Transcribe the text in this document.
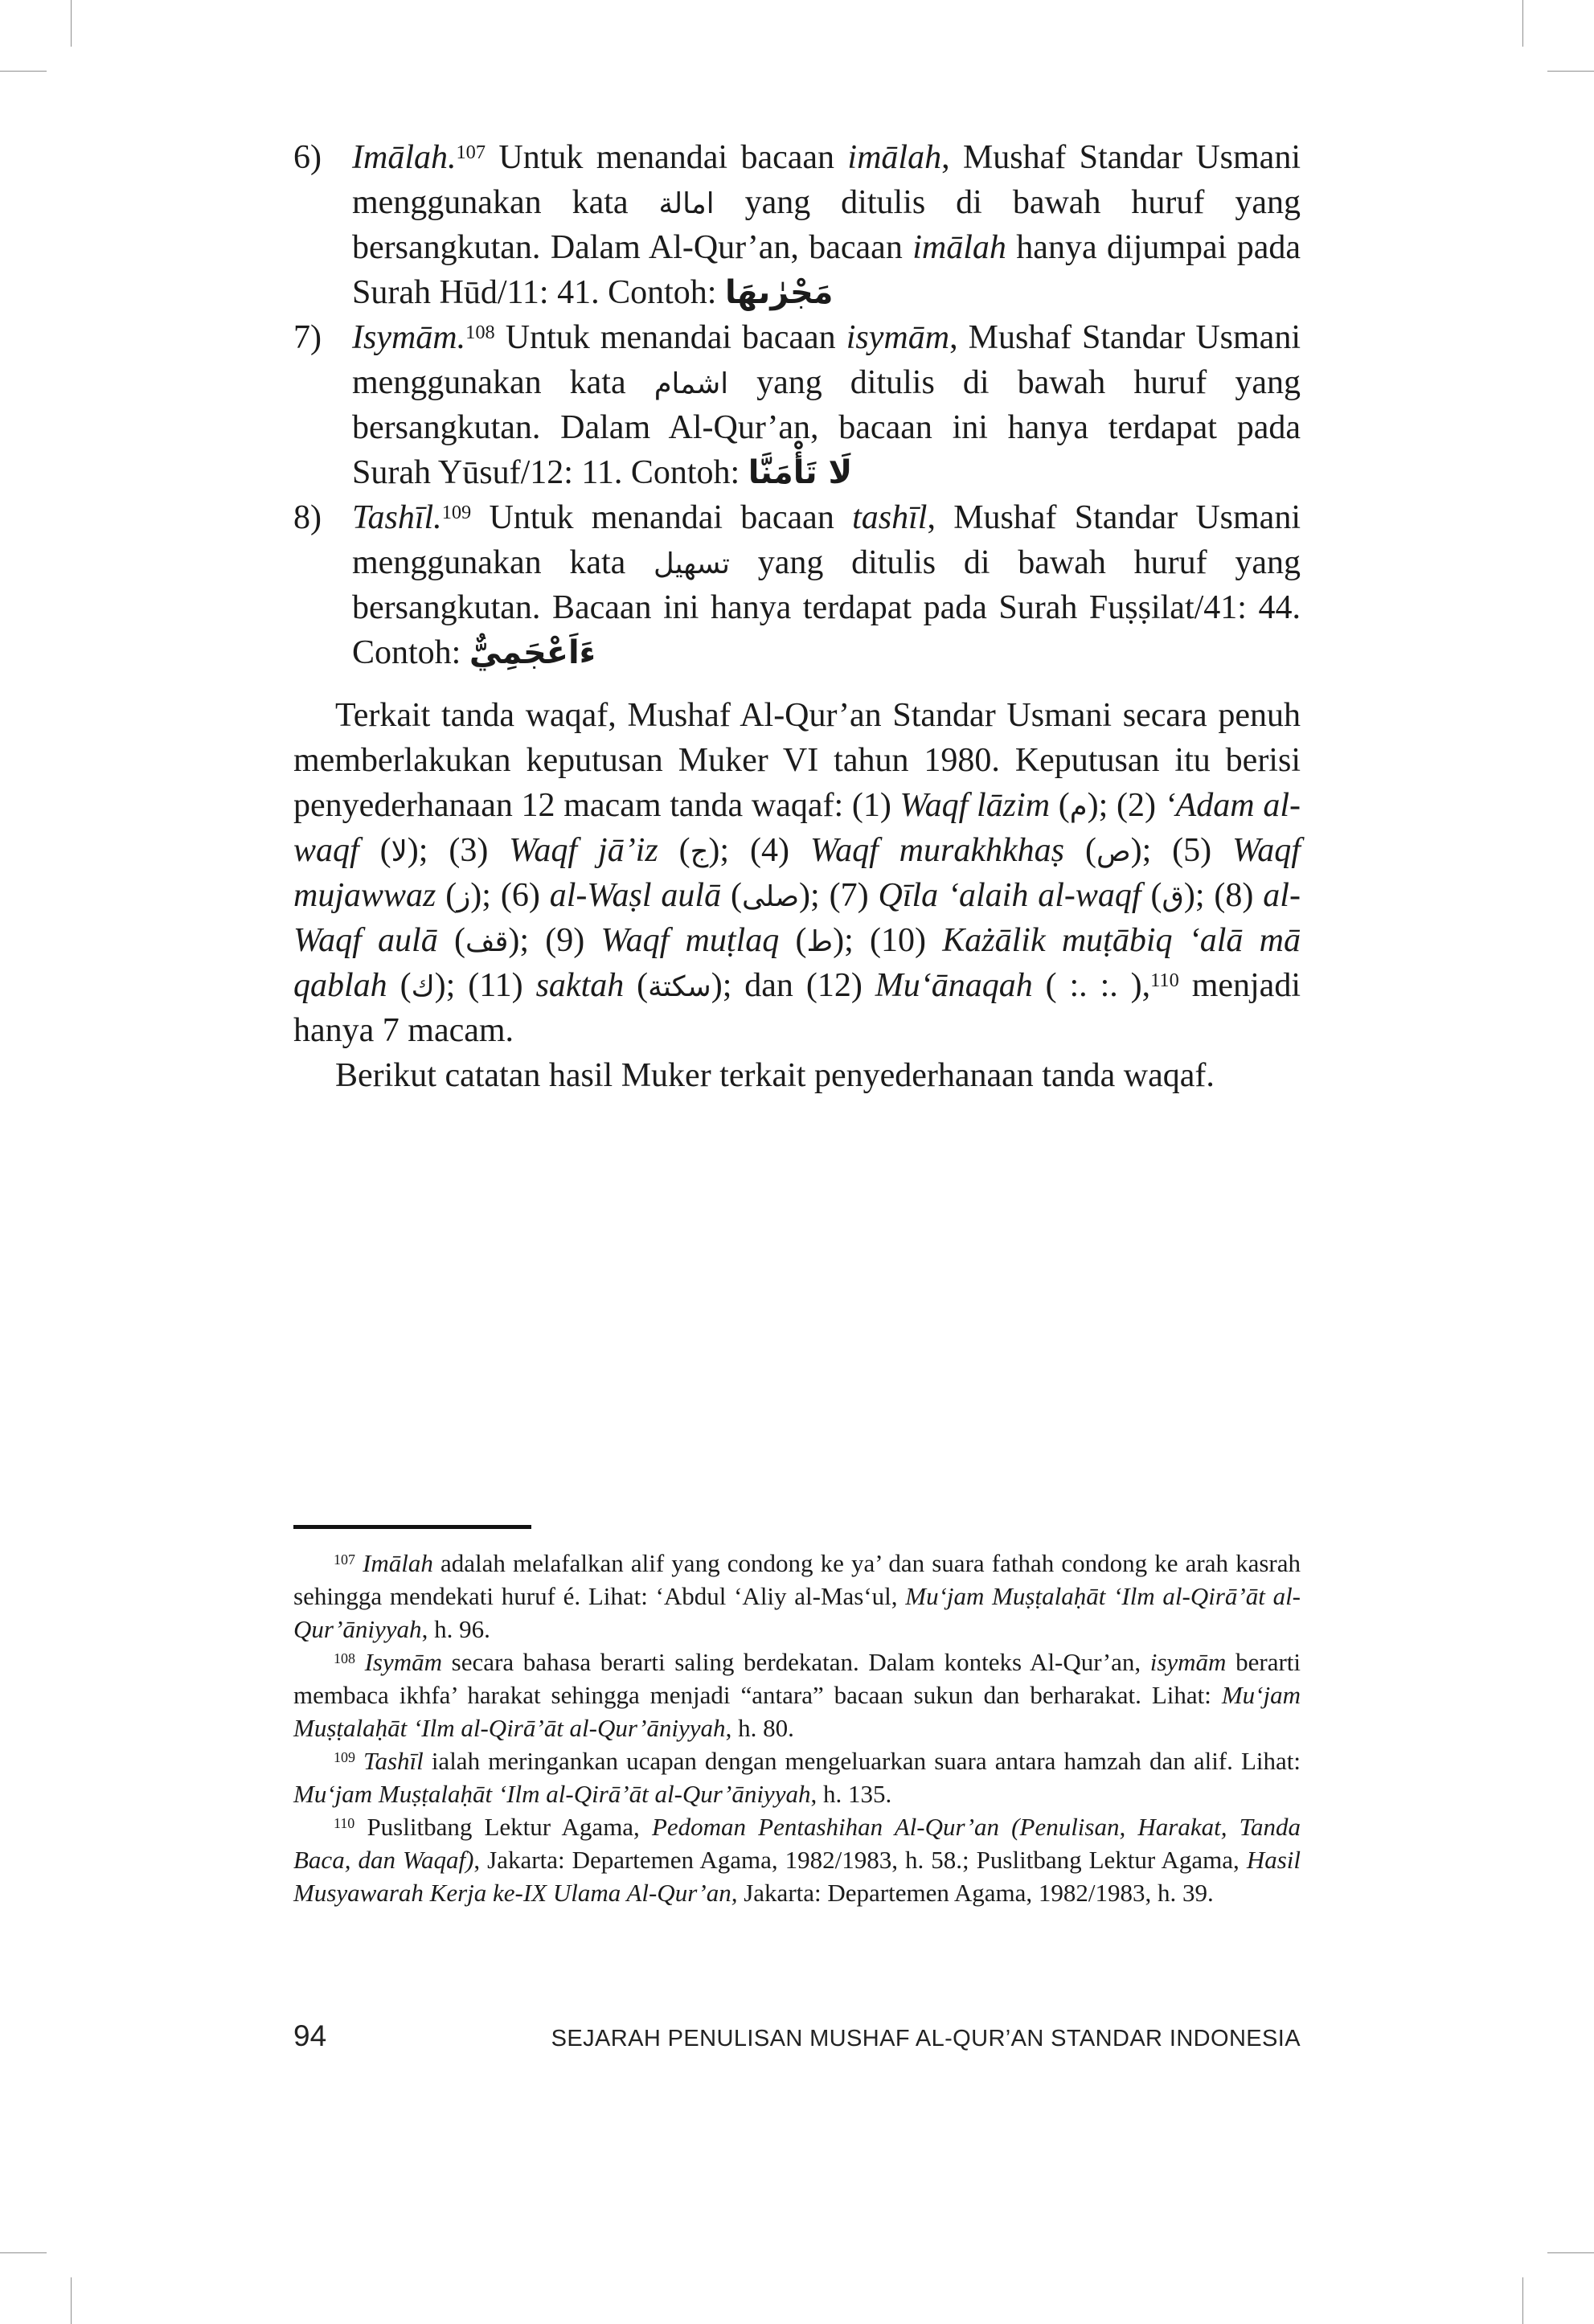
6) Imālah.$^{107}$ Untuk menandai bacaan imālah, Mushaf Standar Usmani menggunakan kata امالة yang ditulis di bawah huruf yang bersangkutan. Dalam Al-Qur’an, bacaan imālah hanya dijumpai pada Surah Hūd/11: 41. Contoh: مَجْرٰىهَا
7) Isymām.$^{108}$ Untuk menandai bacaan isymām, Mushaf Standar Usmani menggunakan kata اشمام yang ditulis di bawah huruf yang bersangkutan. Dalam Al-Qur’an, bacaan ini hanya terdapat pada Surah Yūsuf/12: 11. Contoh: لَا تَأْمَنَّا
8) Tashīl.$^{109}$ Untuk menandai bacaan tashīl, Mushaf Standar Usmani menggunakan kata تسهيل yang ditulis di bawah huruf yang bersangkutan. Bacaan ini hanya terdapat pada Surah Fuṣṣilat/41: 44. Contoh: ءَاَعْجَمِيٌّ

Terkait tanda waqaf, Mushaf Al-Qur’an Standar Usmani secara penuh memberlakukan keputusan Muker VI tahun 1980. Keputusan itu berisi penyederhanaan 12 macam tanda waqaf: (1) Waqf lāzim (م); (2) ‘Adam al-waqf (لا); (3) Waqf jā’iz (ج); (4) Waqf murakhkhaṣ (ص); (5) Waqf mujawwaz (ز); (6) al-Waṣl aulā (صلى); (7) Qīla ‘alaih al-waqf (ق); (8) al-Waqf aulā (قف); (9) Waqf muṭlaq (ط); (10) Każālik muṭābiq ‘alā mā qablah (ك); (11) saktah (سكتة); dan (12) Mu‘ānaqah ( :. :. ),$^{110}$ menjadi hanya 7 macam.

Berikut catatan hasil Muker terkait penyederhanaan tanda waqaf.

$^{107}$ Imālah adalah melafalkan alif yang condong ke ya’ dan suara fathah condong ke arah kasrah sehingga mendekati huruf é. Lihat: ‘Abdul ‘Aliy al-Mas‘ul, Mu‘jam Muṣṭalaḥāt ‘Ilm al-Qirā’āt al-Qur’āniyyah, h. 96.

$^{108}$ Isymām secara bahasa berarti saling berdekatan. Dalam konteks Al-Qur’an, isymām berarti membaca ikhfa’ harakat sehingga menjadi “antara” bacaan sukun dan berharakat. Lihat: Mu‘jam Muṣṭalaḥāt ‘Ilm al-Qirā’āt al-Qur’āniyyah, h. 80.

$^{109}$ Tashīl ialah meringankan ucapan dengan mengeluarkan suara antara hamzah dan alif. Lihat: Mu‘jam Muṣṭalaḥāt ‘Ilm al-Qirā’āt al-Qur’āniyyah, h. 135.

$^{110}$ Puslitbang Lektur Agama, Pedoman Pentashihan Al-Qur’an (Penulisan, Harakat, Tanda Baca, dan Waqaf), Jakarta: Departemen Agama, 1982/1983, h. 58.; Puslitbang Lektur Agama, Hasil Musyawarah Kerja ke-IX Ulama Al-Qur’an, Jakarta: Departemen Agama, 1982/1983, h. 39.

94	SEJARAH PENULISAN MUSHAF AL-QUR’AN STANDAR INDONESIA
